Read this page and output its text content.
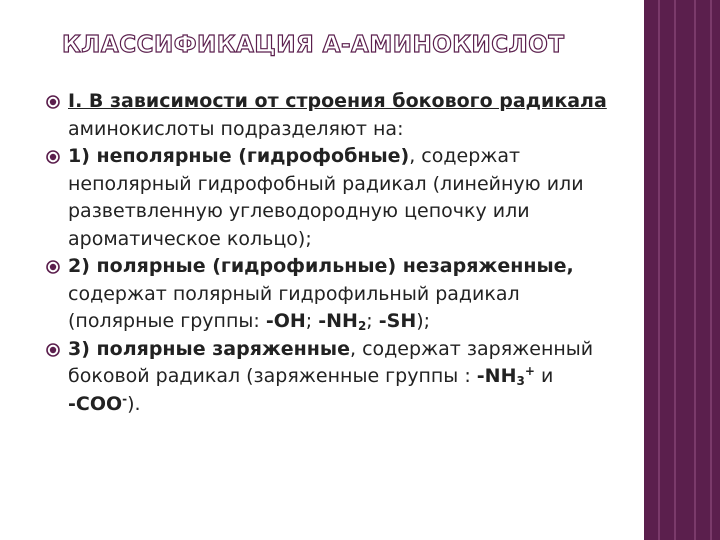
КЛАССИФИКАЦИЯ А-АМИНОКИСЛОТ
I. В зависимости от строения бокового радикала аминокислоты подразделяют на:
1) неполярные (гидрофобные), содержат неполярный гидрофобный радикал (линейную или разветвленную углеводородную цепочку или ароматическое кольцо);
2) полярные (гидрофильные) незаряженные, содержат полярный гидрофильный радикал (полярные группы: -ОН; $-NH_2$; -SH);
3) полярные заряженные, содержат заряженный боковой радикал (заряженные группы : $-NH_3^+$ и -СОО-).
